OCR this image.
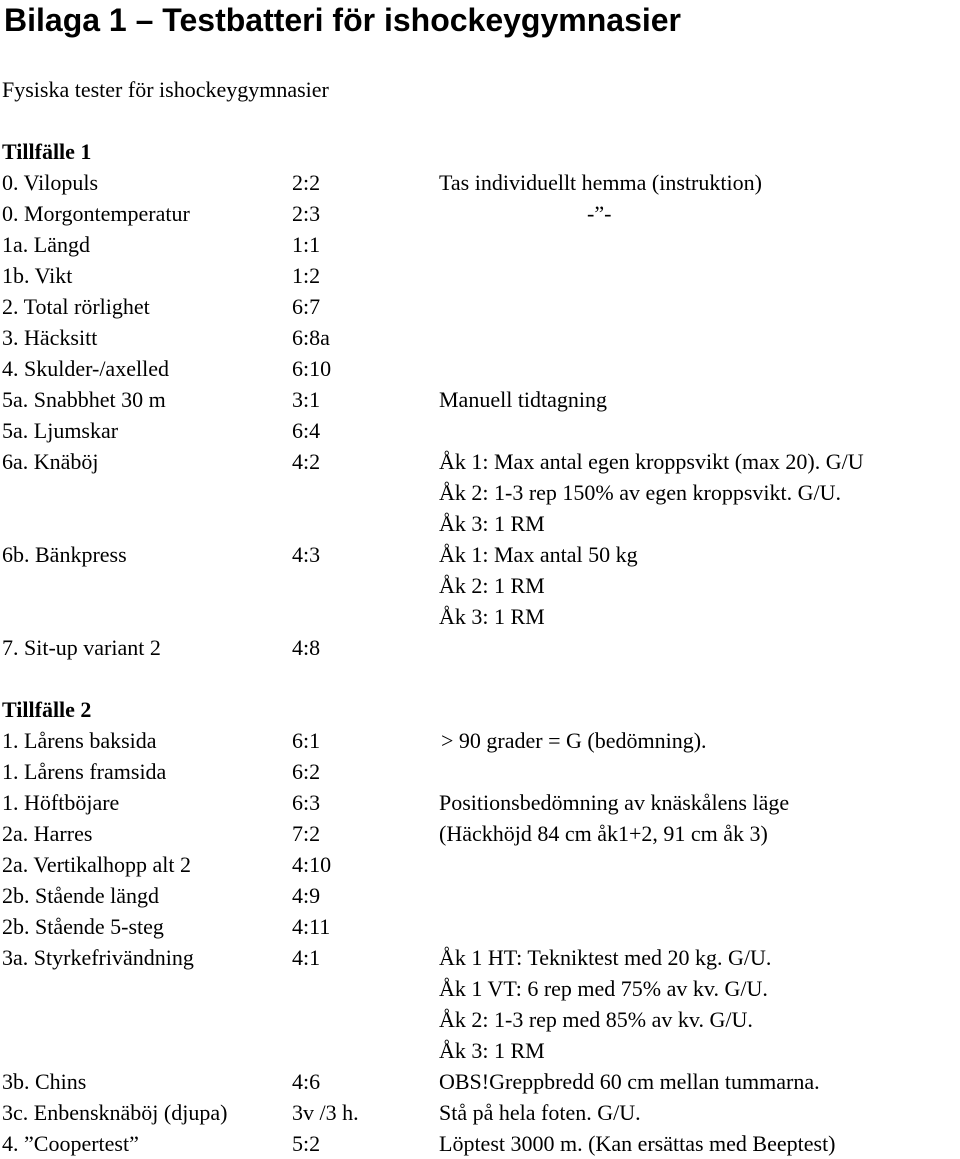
Bilaga 1 – Testbatteri för ishockeygymnasier
Fysiska tester för ishockeygymnasier
Tillfälle 1
0. Vilopuls	2:2	Tas individuellt hemma (instruktion)
0. Morgontemperatur	2:3	-”-
1a. Längd	1:1
1b. Vikt	1:2
2. Total rörlighet	6:7
3. Häcksitt	6:8a
4. Skulder-/axelled	6:10
5a. Snabbhet 30 m	3:1	Manuell tidtagning
5a. Ljumskar	6:4
6a. Knäböj	4:2	Åk 1: Max antal egen kroppsvikt (max 20). G/U
Åk 2: 1-3 rep 150% av egen kroppsvikt. G/U.
Åk 3: 1 RM
6b. Bänkpress	4:3	Åk 1: Max antal 50 kg
Åk 2: 1 RM
Åk 3: 1 RM
7. Sit-up variant 2	4:8
Tillfälle 2
1. Lårens baksida	6:1	> 90 grader = G (bedömning).
1. Lårens framsida	6:2
1. Höftböjare	6:3	Positionsbedömning av knäskålens läge
2a. Harres	7:2	(Häckhöjd 84 cm åk1+2, 91 cm åk 3)
2a. Vertikalhopp alt 2	4:10
2b. Stående längd	4:9
2b. Stående 5-steg	4:11
3a. Styrkefrivändning	4:1	Åk 1 HT: Tekniktest med 20 kg. G/U.
Åk 1 VT: 6 rep med 75% av kv. G/U.
Åk 2: 1-3 rep med 85% av kv. G/U.
Åk 3: 1 RM
3b. Chins	4:6	OBS!Greppbredd 60 cm mellan tummarna.
3c. Enbensknäböj (djupa)	3v /3 h.	Stå på hela foten. G/U.
4. ”Coopertest”	5:2	Löptest 3000 m. (Kan ersättas med Beeptest)
